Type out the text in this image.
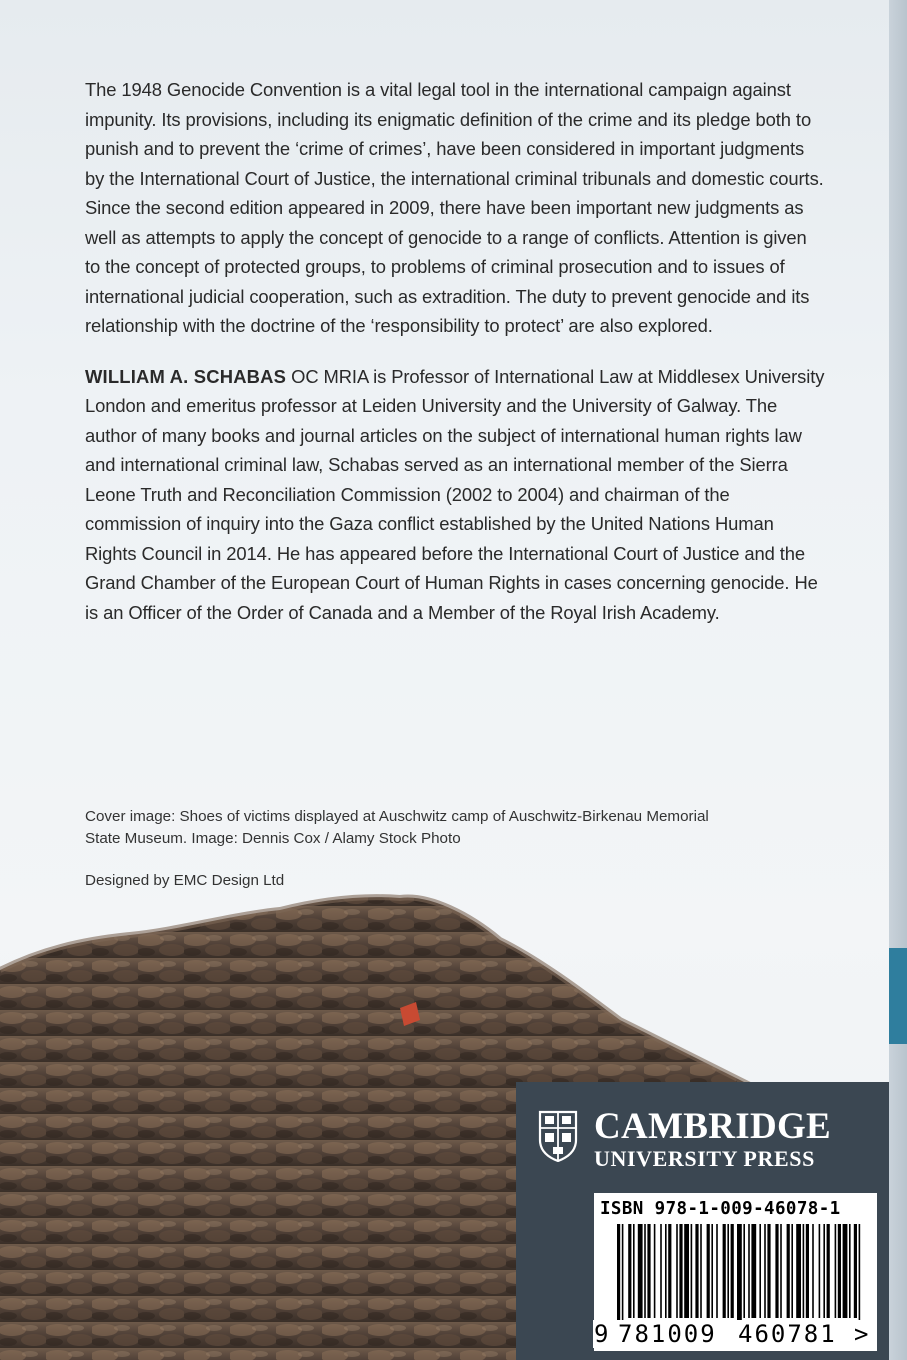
The 1948 Genocide Convention is a vital legal tool in the international campaign against impunity. Its provisions, including its enigmatic definition of the crime and its pledge both to punish and to prevent the ‘crime of crimes’, have been considered in important judgments by the International Court of Justice, the international criminal tribunals and domestic courts. Since the second edition appeared in 2009, there have been important new judgments as well as attempts to apply the concept of genocide to a range of conflicts. Attention is given to the concept of protected groups, to problems of criminal prosecution and to issues of international judicial cooperation, such as extradition. The duty to prevent genocide and its relationship with the doctrine of the ‘responsibility to protect’ are also explored.

WILLIAM A. SCHABAS OC MRIA is Professor of International Law at Middlesex University London and emeritus professor at Leiden University and the University of Galway. The author of many books and journal articles on the subject of international human rights law and international criminal law, Schabas served as an international member of the Sierra Leone Truth and Reconciliation Commission (2002 to 2004) and chairman of the commission of inquiry into the Gaza conflict established by the United Nations Human Rights Council in 2014. He has appeared before the International Court of Justice and the Grand Chamber of the European Court of Human Rights in cases concerning genocide. He is an Officer of the Order of Canada and a Member of the Royal Irish Academy.

Cover image: Shoes of victims displayed at Auschwitz camp of Auschwitz-Birkenau Memorial

State Museum. Image: Dennis Cox / Alamy Stock Photo

Designed by EMC Design Ltd

CAMBRIDGE
UNIVERSITY PRESS
ISBN 978-1-009-46078-1
9 781009 460781 >
